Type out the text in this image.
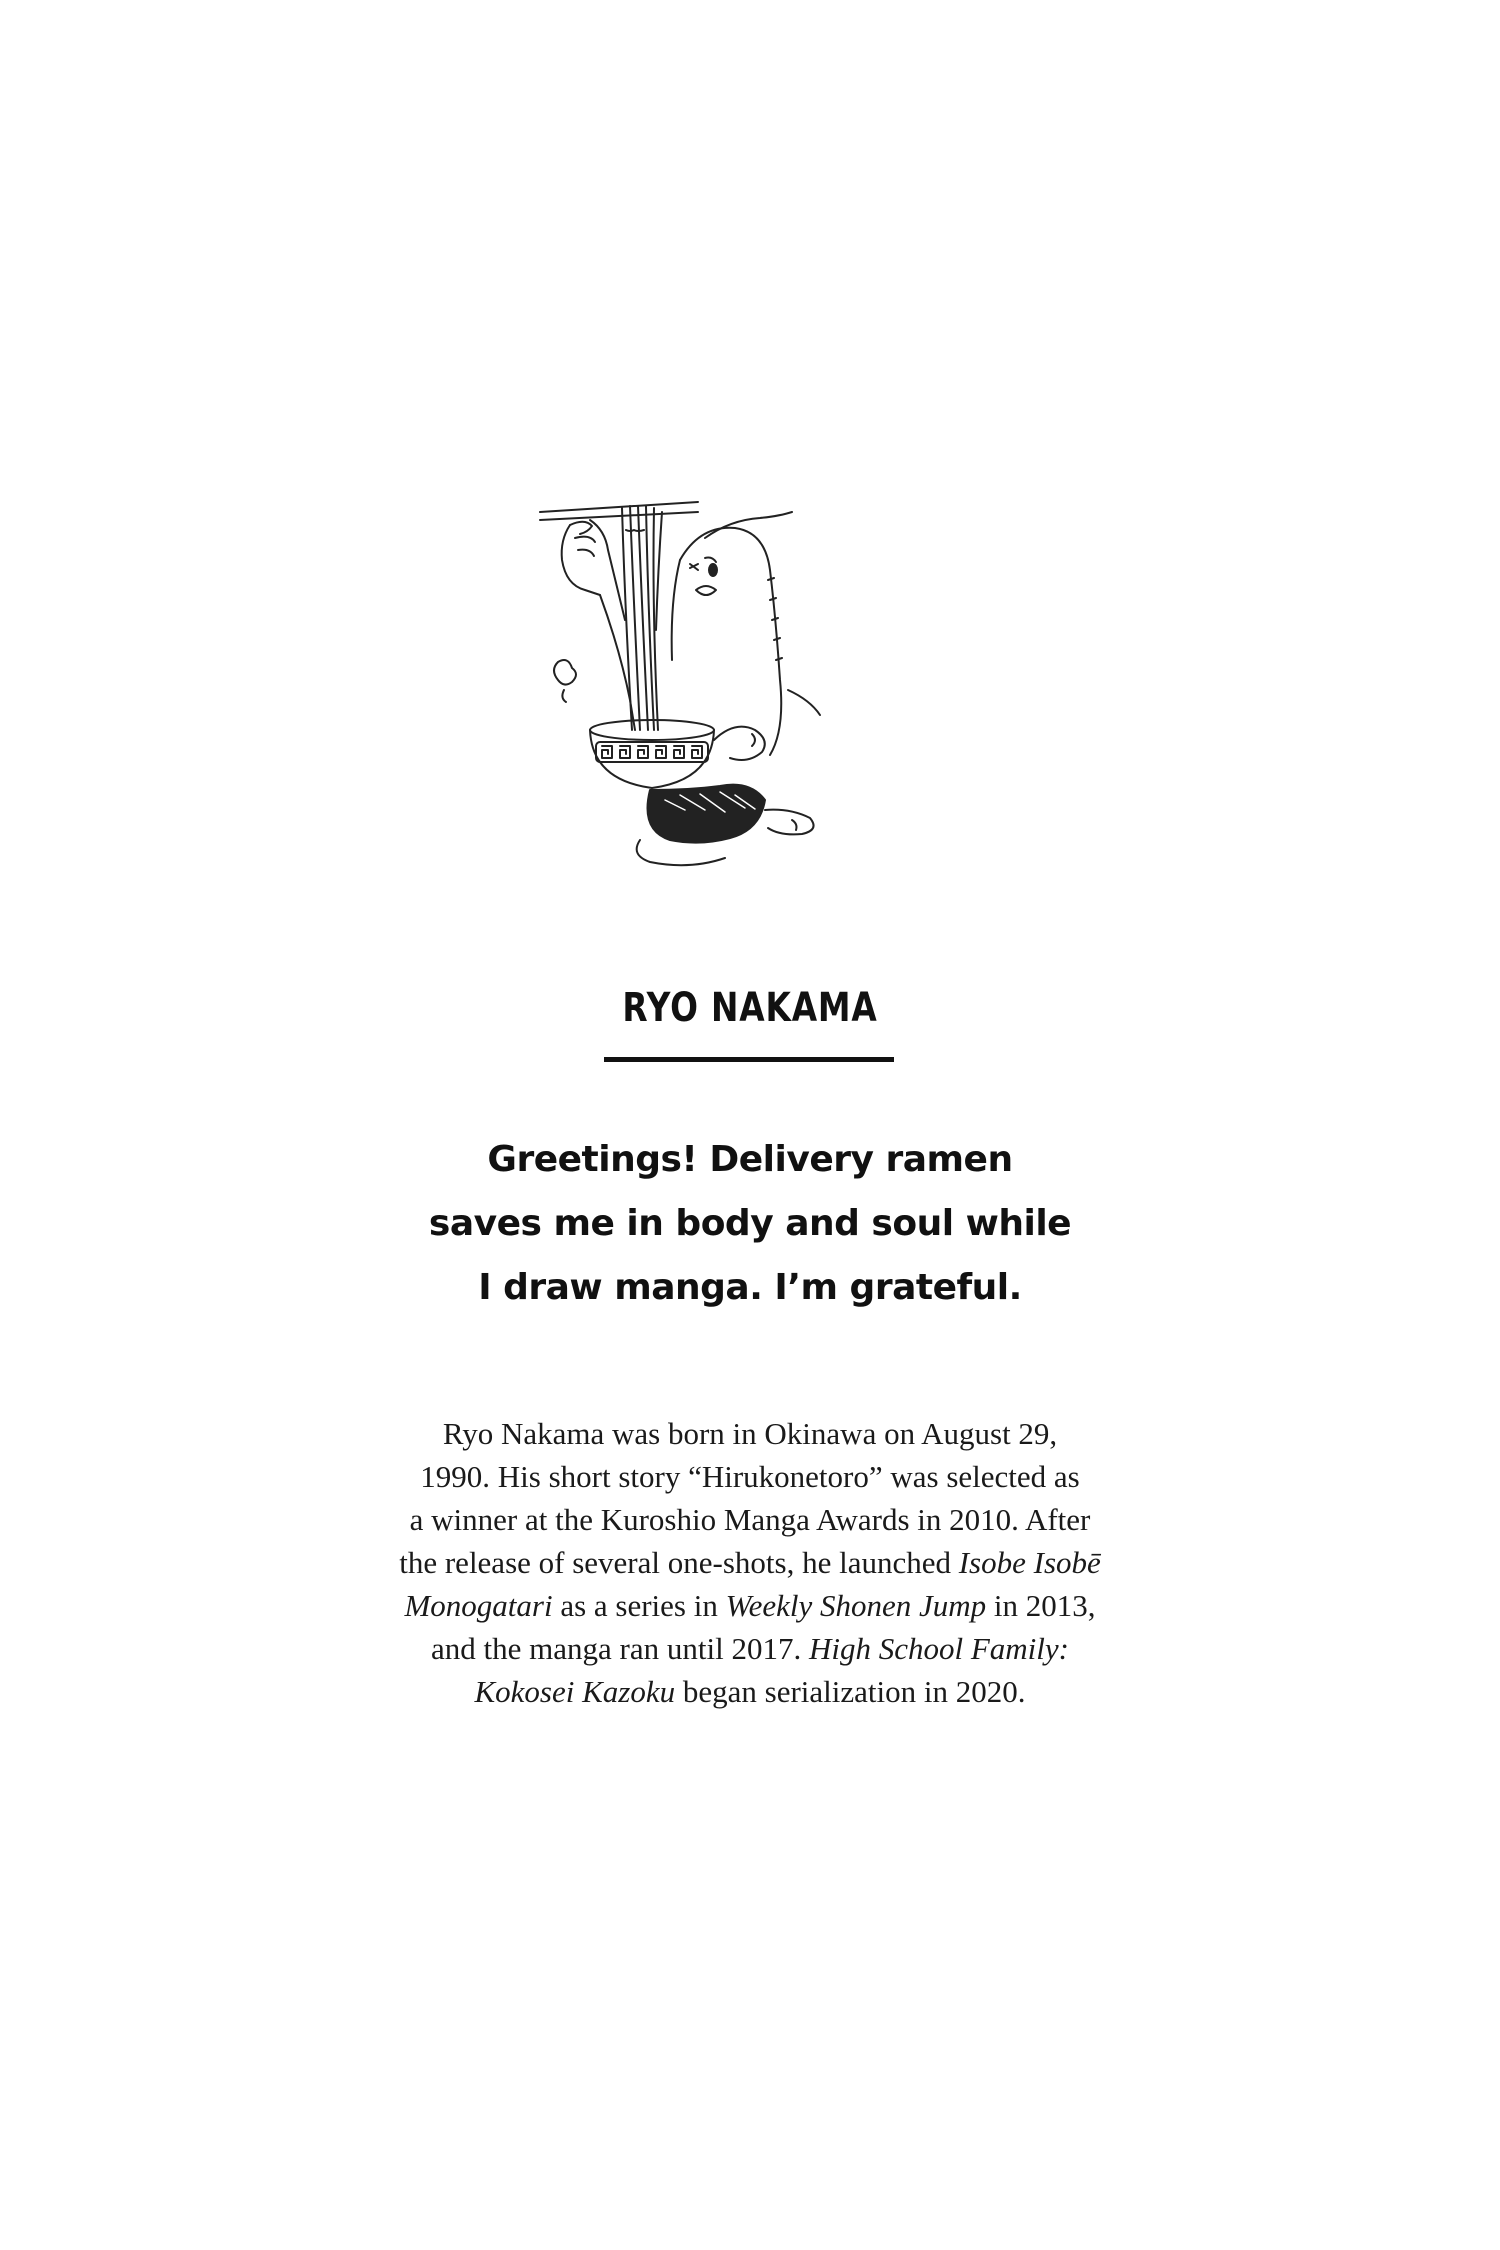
RYO NAKAMA
Greetings! Delivery ramen
saves me in body and soul while
I draw manga. I’m grateful.
Ryo Nakama was born in Okinawa on August 29,
1990. His short story “Hirukonetoro” was selected as
a winner at the Kuroshio Manga Awards in 2010. After
the release of several one-shots, he launched Isobe Isobē
Monogatari as a series in Weekly Shonen Jump in 2013,
and the manga ran until 2017. High School Family:
Kokosei Kazoku began serialization in 2020.
